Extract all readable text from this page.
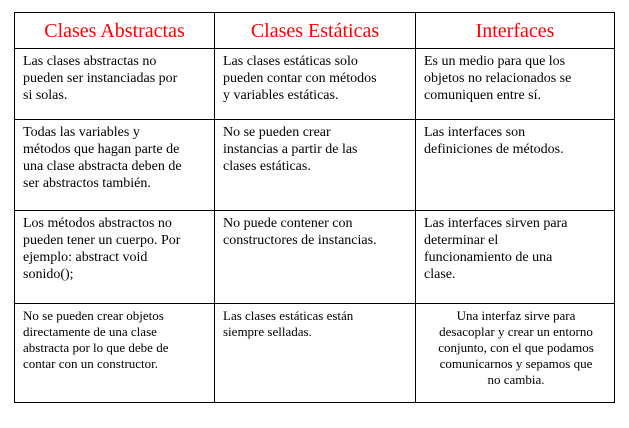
Clases Abstractas	Clases Estáticas	Interfaces

Las clases abstractas no
pueden ser instanciadas por
si solas.	Las clases estáticas solo
pueden contar con métodos
y variables estáticas.	Es un medio para que los
objetos no relacionados se
comuniquen entre sí.

Todas las variables y
métodos que hagan parte de
una clase abstracta deben de
ser abstractos también.	No se pueden crear
instancias a partir de las
clases estáticas.	Las interfaces son
definiciones de métodos.

Los métodos abstractos no
pueden tener un cuerpo. Por
ejemplo: abstract void
sonido();	No puede contener con
constructores de instancias.	Las interfaces sirven para
determinar el
funcionamiento de una
clase.

No se pueden crear objetos
directamente de una clase
abstracta por lo que debe de
contar con un constructor.	Las clases estáticas están
siempre selladas.	Una interfaz sirve para
desacoplar y crear un entorno
conjunto, con el que podamos
comunicarnos y sepamos que
no cambia.
